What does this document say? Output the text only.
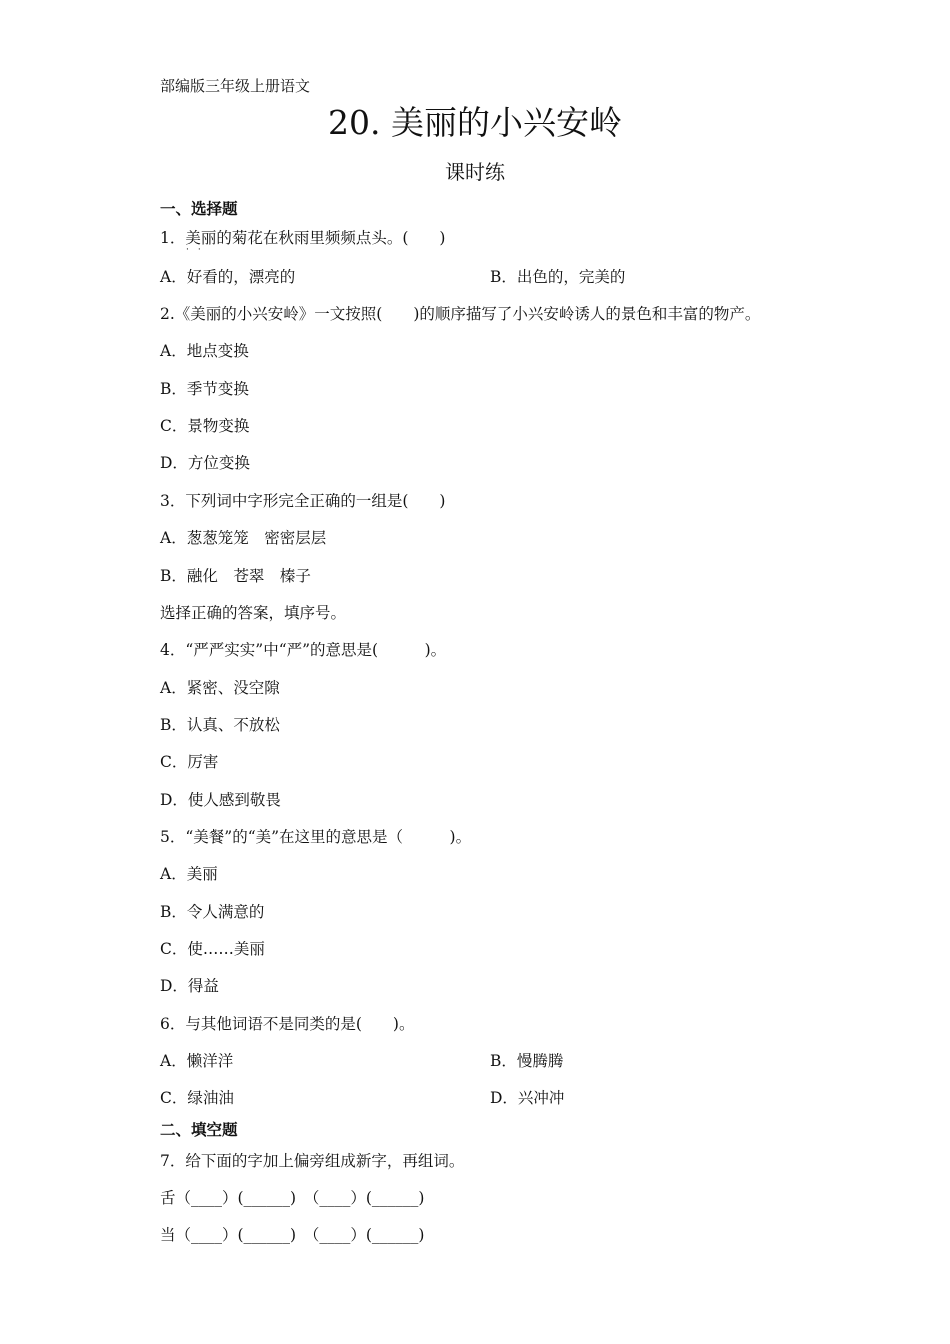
部编版三年级上册语文
20. 美丽的小兴安岭
课时练
一、选择题
1．美丽的菊花在秋雨里频频点头。(　　)
··
A．好看的，漂亮的	B．出色的，完美的
2.《美丽的小兴安岭》一文按照(　　)的顺序描写了小兴安岭诱人的景色和丰富的物产。
A．地点变换
B．季节变换
C．景物变换
D．方位变换
3．下列词中字形完全正确的一组是(　　)
A．葱葱笼笼　密密层层
B．融化　苍翠　榛子
选择正确的答案，填序号。
4．“严严实实”中“严”的意思是(　　　)。
A．紧密、没空隙
B．认真、不放松
C．厉害
D．使人感到敬畏
5．“美餐”的“美”在这里的意思是（　　　)。
A．美丽
B．令人满意的
C．使……美丽
D．得益
6．与其他词语不是同类的是(　　)。
A．懒洋洋	B．慢腾腾
C．绿油油	D．兴冲冲
二、填空题
7．给下面的字加上偏旁组成新字，再组词。
舌（____）(______)　（____）(______)
当（____）(______)　（____）(______)
